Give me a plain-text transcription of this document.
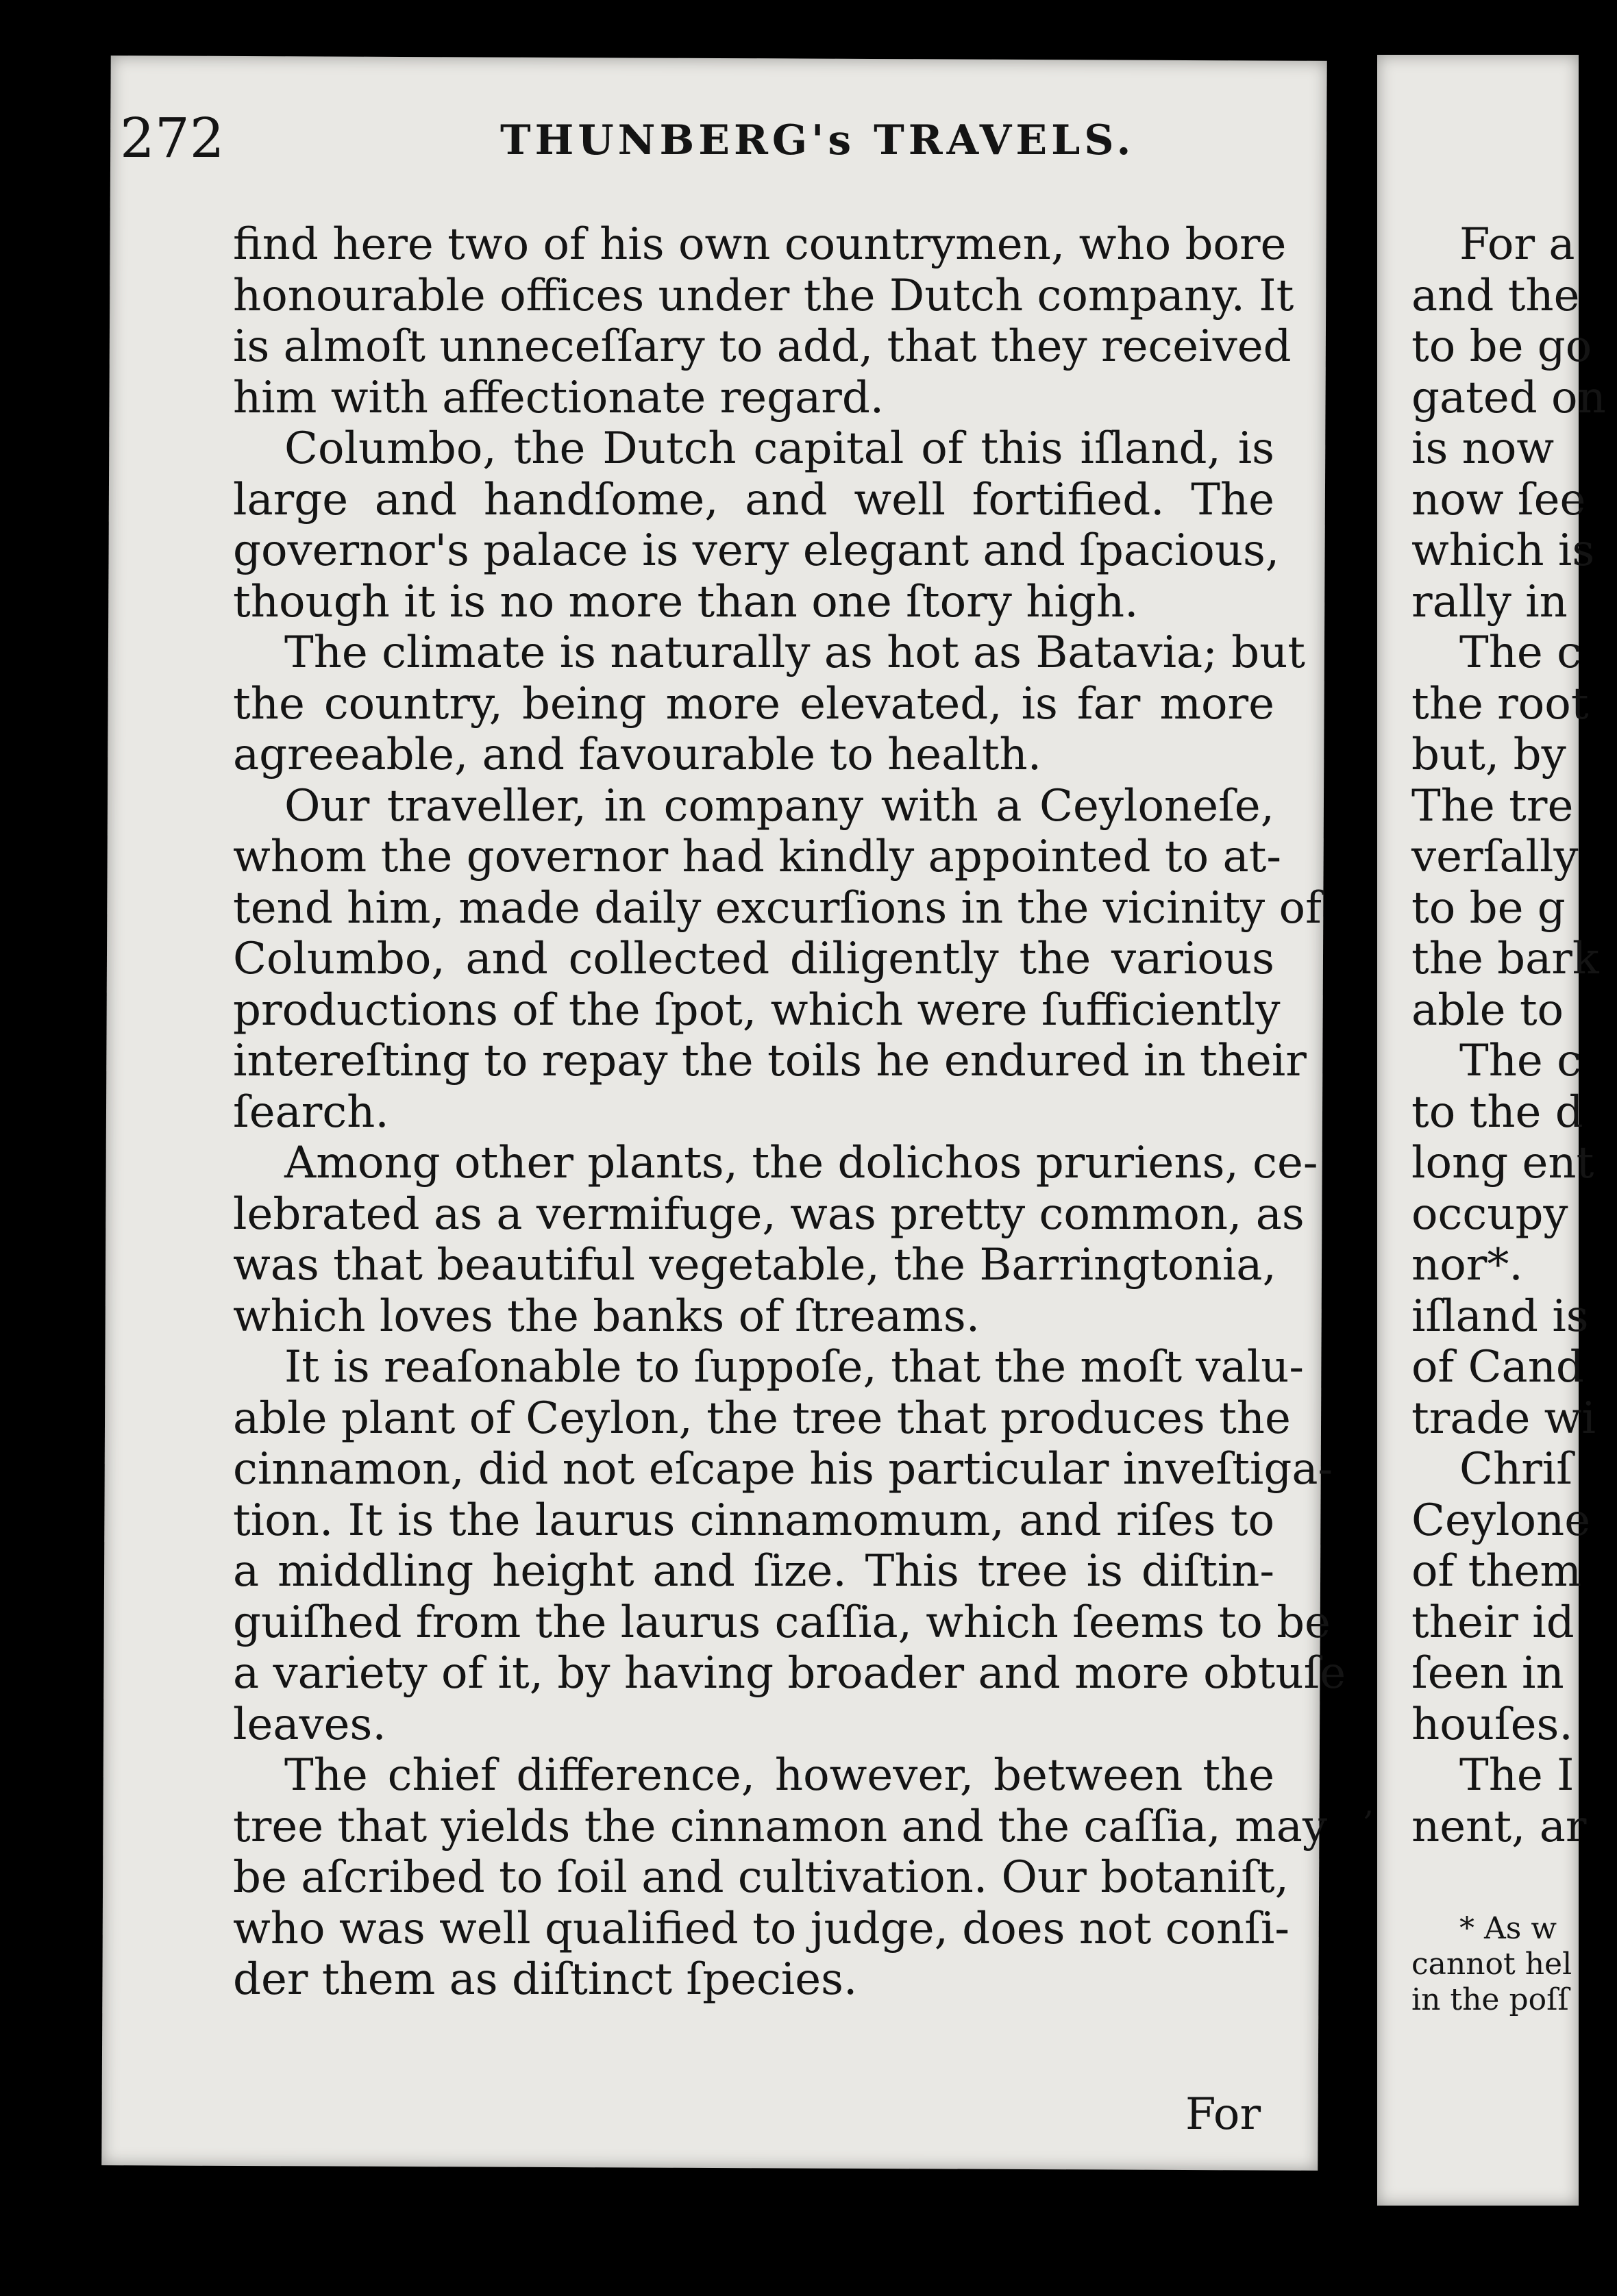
272	THUNBERG's TRAVELS.
find here two of his own countrymen, who bore
honourable offices under the Dutch company. It
is almoſt unneceſſary to add, that they received
him with affectionate regard.
Columbo, the Dutch capital of this iſland, is
large and handſome, and well fortified. The
governor's palace is very elegant and ſpacious,
though it is no more than one ſtory high.
The climate is naturally as hot as Batavia; but
the country, being more elevated, is far more
agreeable, and favourable to health.
Our traveller, in company with a Ceyloneſe,
whom the governor had kindly appointed to at-
tend him, made daily excurſions in the vicinity of
Columbo, and collected diligently the various
productions of the ſpot, which were ſufficiently
intereſting to repay the toils he endured in their
ſearch.
Among other plants, the dolichos pruriens, ce-
lebrated as a vermifuge, was pretty common, as
was that beautiful vegetable, the Barringtonia,
which loves the banks of ſtreams.
It is reaſonable to ſuppoſe, that the moſt valu-
able plant of Ceylon, the tree that produces the
cinnamon, did not eſcape his particular inveſtiga-
tion. It is the laurus cinnamomum, and riſes to
a middling height and ſize. This tree is diſtin-
guiſhed from the laurus caſſia, which ſeems to be
a variety of it, by having broader and more obtuſe
leaves.
The chief difference, however, between the
tree that yields the cinnamon and the caſſia, may
be aſcribed to ſoil and cultivation. Our botaniſt,
who was well qualified to judge, does not conſi-
der them as diſtinct ſpecies.
For
,
For a
and the
to be go
gated on
is now
now ſee
which is
rally in
The c
the root
but, by
The tre
verſally
to be g
the bark
able to
The c
to the d
long ent
occupy
nor*.
iſland is
of Cand
trade wi
Chriſ
Ceylone
of them
their id
ſeen in
houſes.
The I
nent, ar
* As w
cannot hel
in the poſſ
